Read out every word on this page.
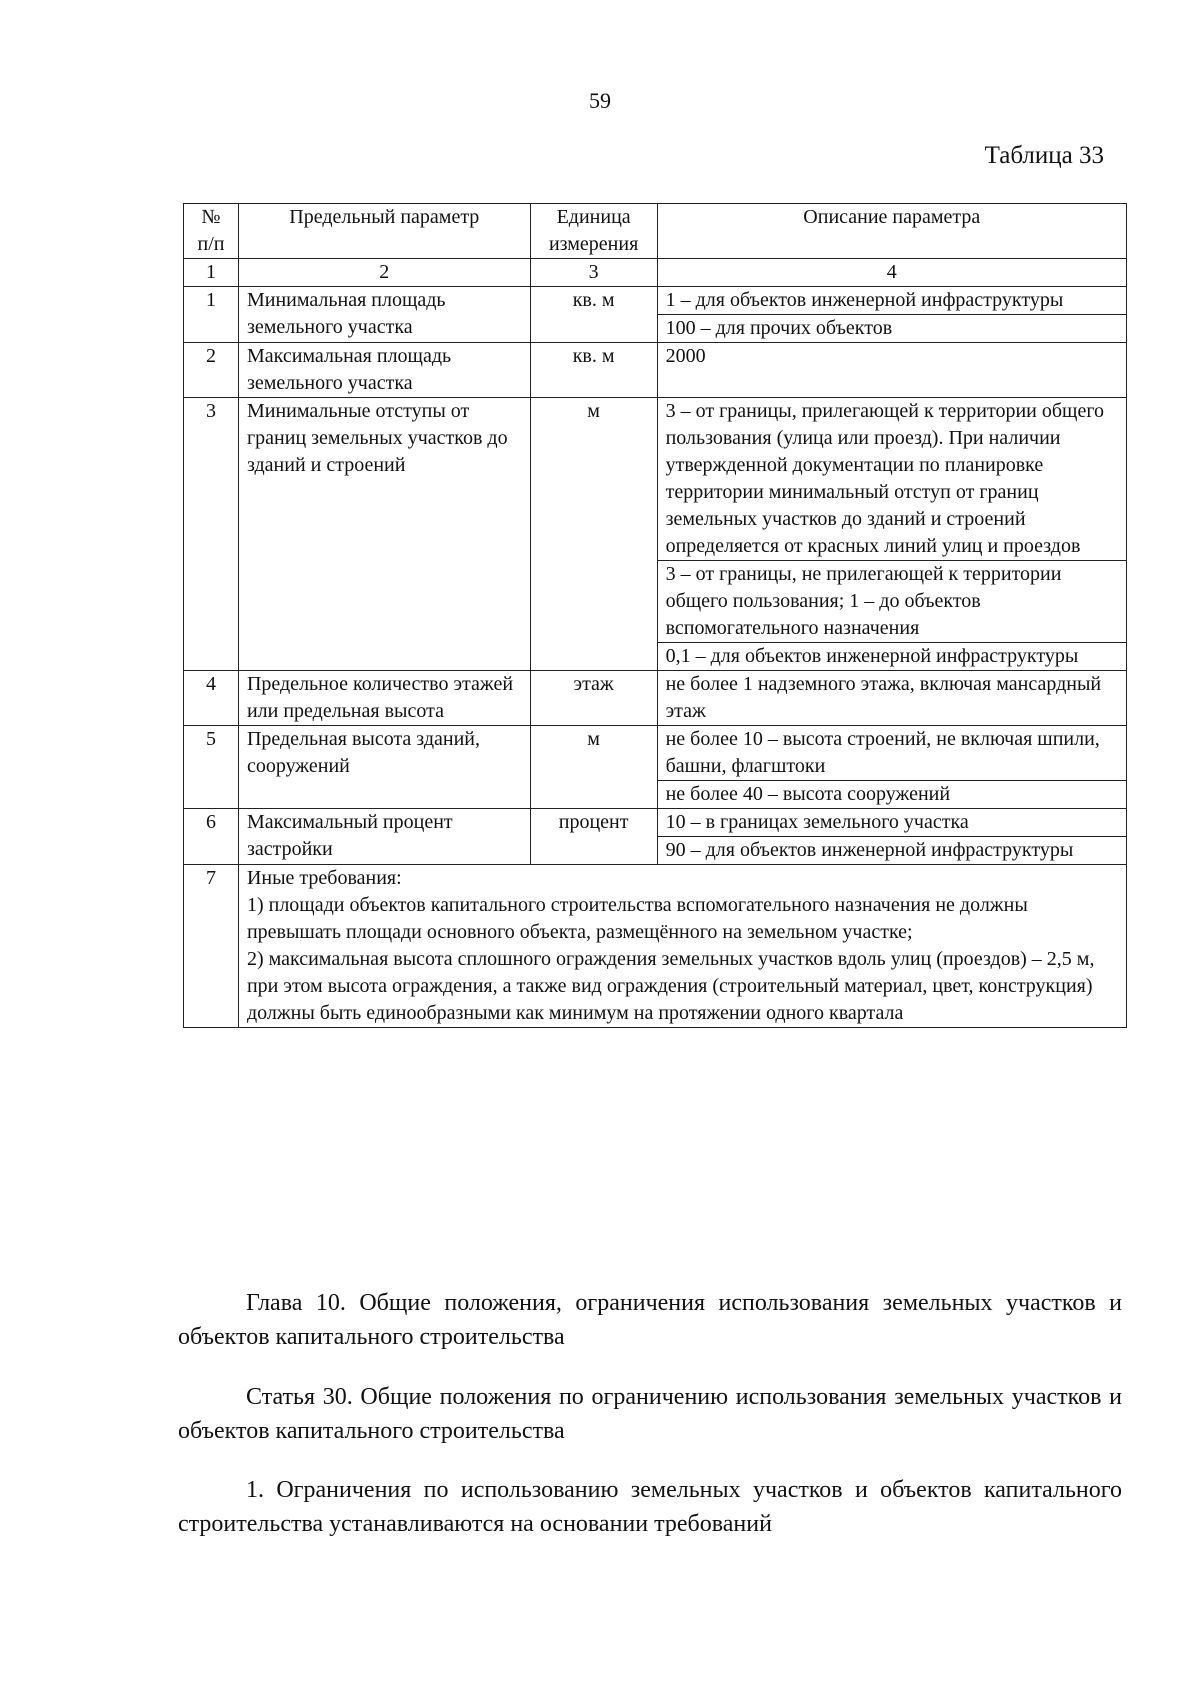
59
Таблица 33
№ п/п	Предельный параметр	Единица измерения	Описание параметра
1	2	3	4
1	Минимальная площадь земельного участка	кв. м	1 – для объектов инженерной инфраструктуры
			100 – для прочих объектов
2	Максимальная площадь земельного участка	кв. м	2000
3	Минимальные отступы от границ земельных участков до зданий и строений	м	3 – от границы, прилегающей к территории общего пользования (улица или проезд). При наличии утвержденной документации по планировке территории минимальный отступ от границ земельных участков до зданий и строений определяется от красных линий улиц и проездов
			3 – от границы, не прилегающей к территории общего пользования; 1 – до объектов вспомогательного назначения
			0,1 – для объектов инженерной инфраструктуры
4	Предельное количество этажей или предельная высота	этаж	не более 1 надземного этажа, включая мансардный этаж
5	Предельная высота зданий, сооружений	м	не более 10 – высота строений, не включая шпили, башни, флагштоки
			не более 40 – высота сооружений
6	Максимальный процент застройки	процент	10 – в границах земельного участка
			90 – для объектов инженерной инфраструктуры
7	Иные требования:
1) площади объектов капитального строительства вспомогательного назначения не должны превышать площади основного объекта, размещённого на земельном участке;
2) максимальная высота сплошного ограждения земельных участков вдоль улиц (проездов) – 2,5 м, при этом высота ограждения, а также вид ограждения (строительный материал, цвет, конструкция) должны быть единообразными как минимум на протяжении одного квартала		
Глава 10. Общие положения, ограничения использования земельных участков и объектов капитального строительства
Статья 30. Общие положения по ограничению использования земельных участков и объектов капитального строительства
1. Ограничения по использованию земельных участков и объектов капитального строительства устанавливаются на основании требований
